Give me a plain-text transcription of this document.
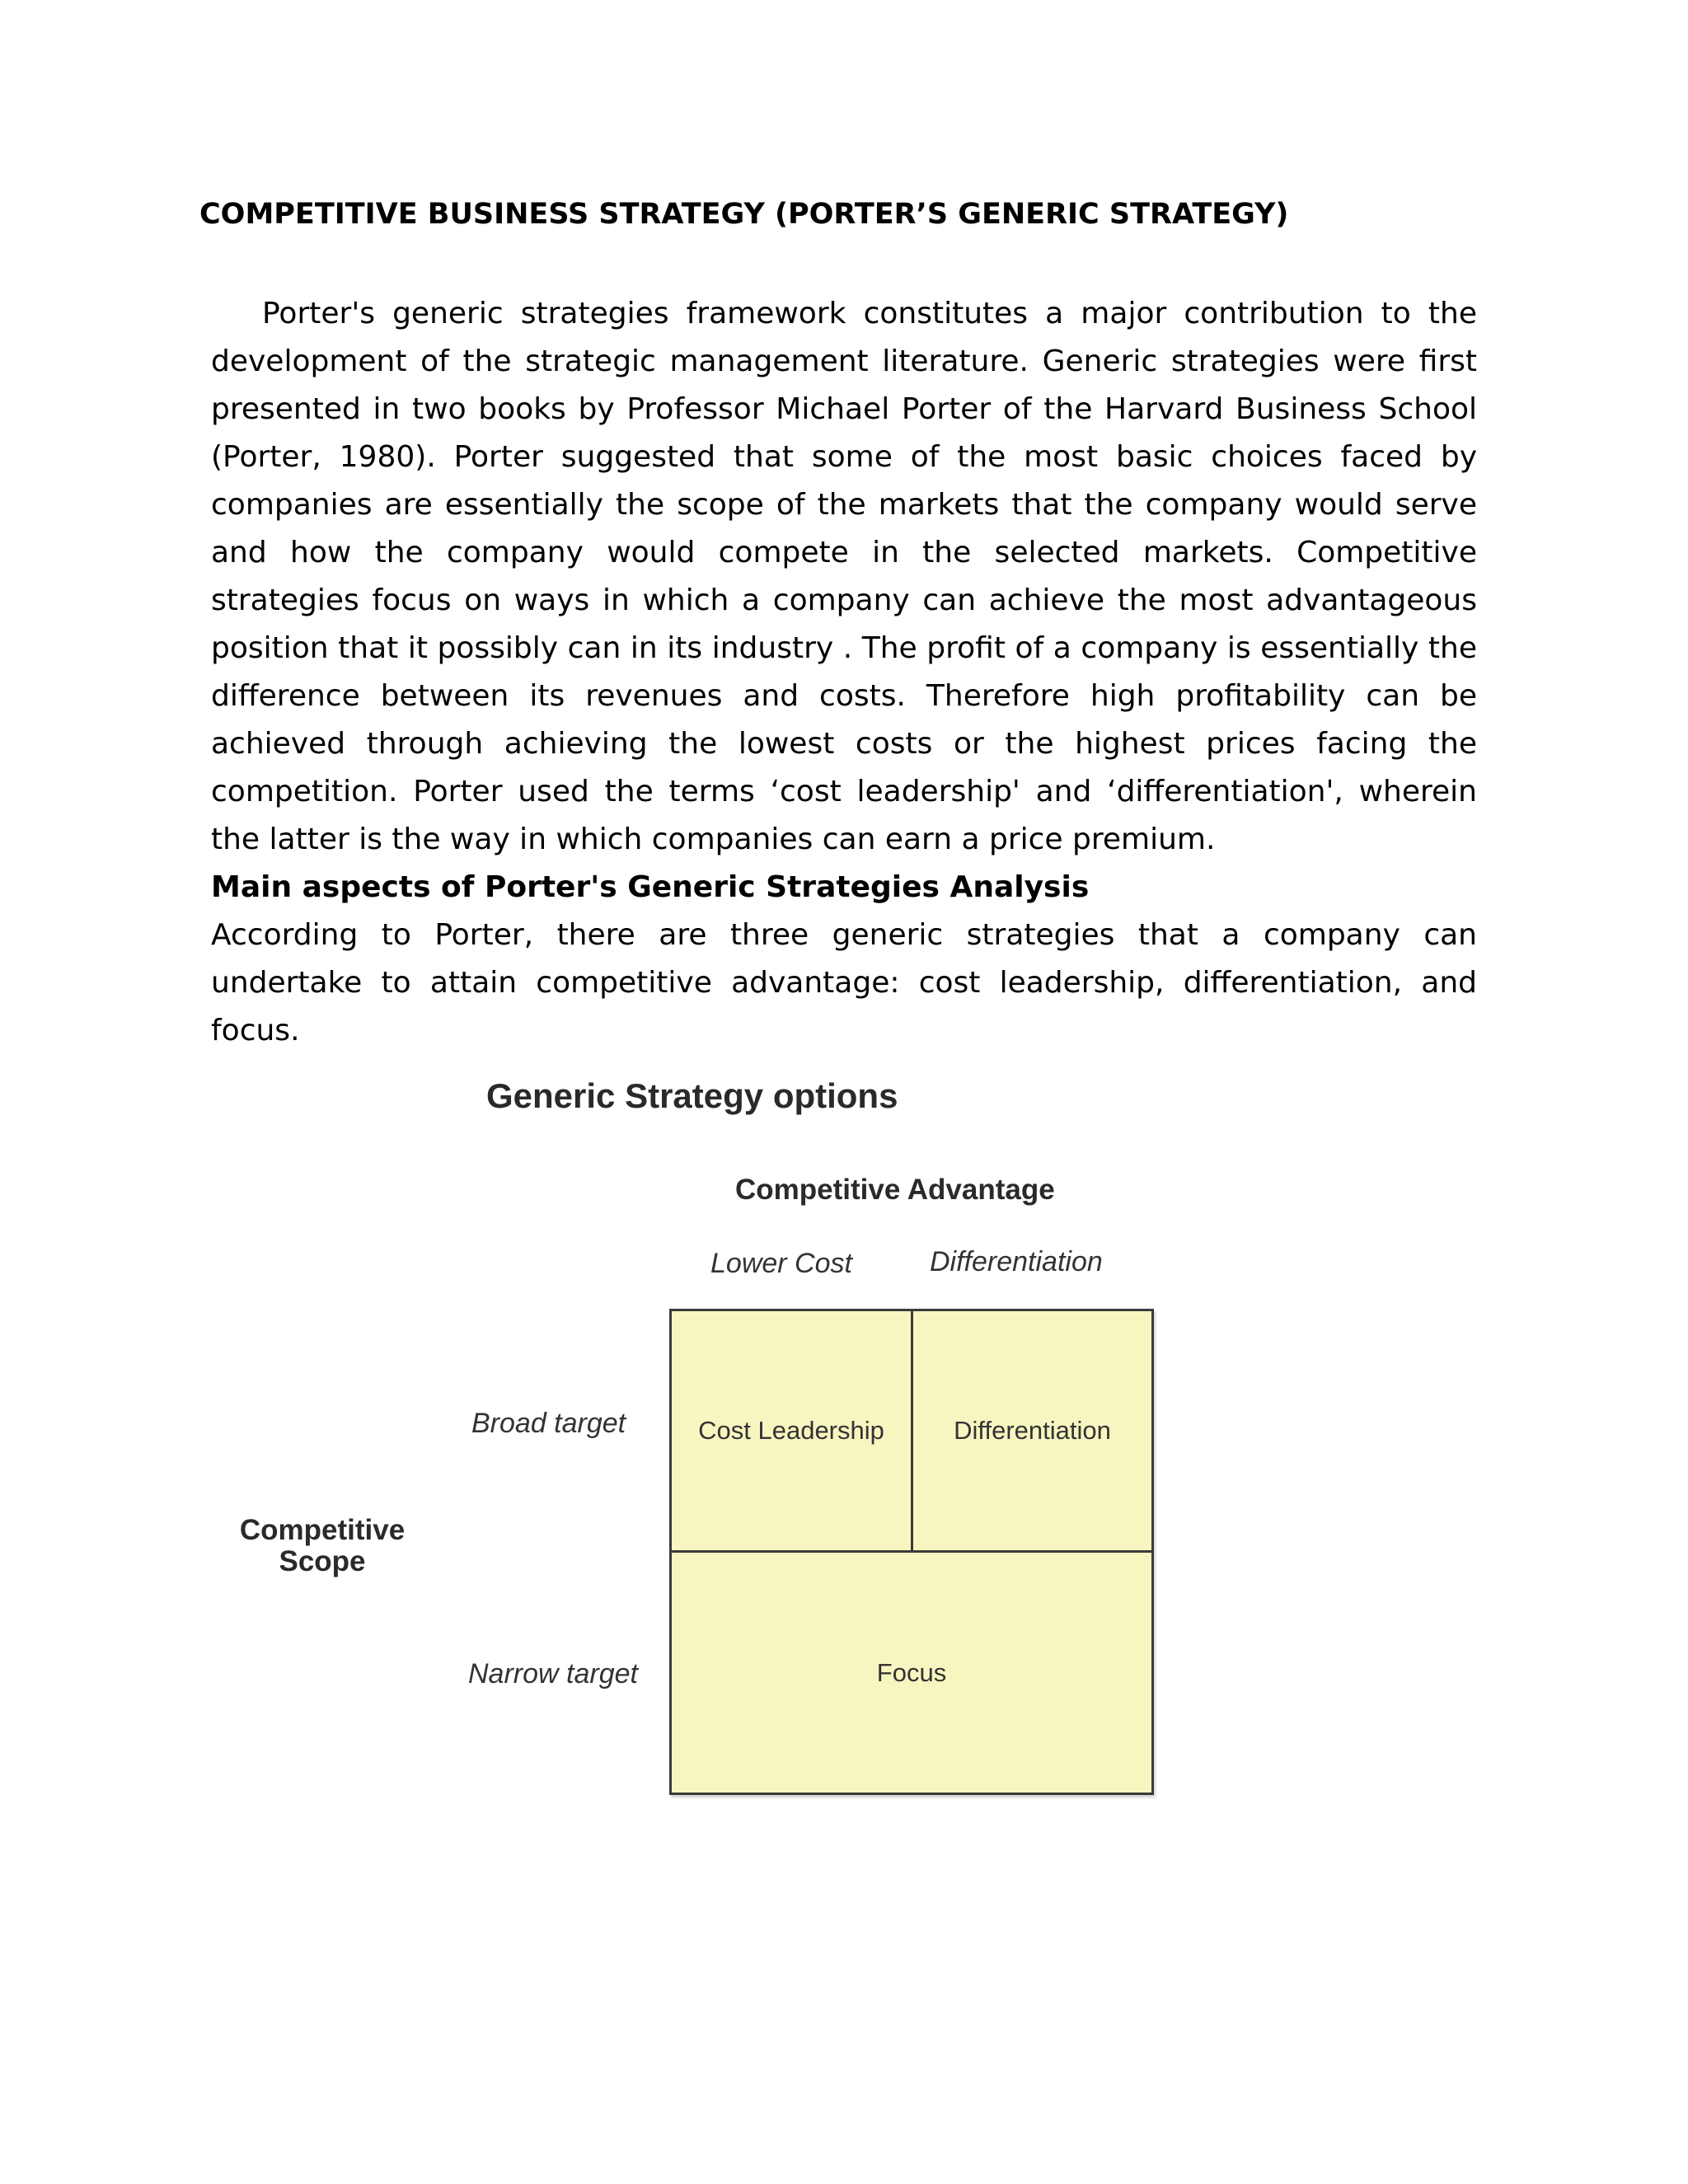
COMPETITIVE BUSINESS STRATEGY (PORTER’S GENERIC STRATEGY)

Porter's generic strategies framework constitutes a major contribution to the development of the strategic management literature. Generic strategies were first presented in two books by Professor Michael Porter of the Harvard Business School (Porter, 1980). Porter suggested that some of the most basic choices faced by companies are essentially the scope of the markets that the company would serve and how the company would compete in the selected markets. Competitive strategies focus on ways in which a company can achieve the most advantageous position that it possibly can in its industry . The profit of a company is essentially the difference between its revenues and costs. Therefore high profitability can be achieved through achieving the lowest costs or the highest prices facing the competition. Porter used the terms ‘cost leadership' and ‘differentiation', wherein the latter is the way in which companies can earn a price premium.

Main aspects of Porter's Generic Strategies Analysis

According to Porter, there are three generic strategies that a company can undertake to attain competitive advantage: cost leadership, differentiation, and focus.

Generic Strategy options
Competitive Advantage
Lower Cost	Differentiation
Broad target
Narrow target
Competitive Scope
Cost Leadership	Differentiation
Focus
